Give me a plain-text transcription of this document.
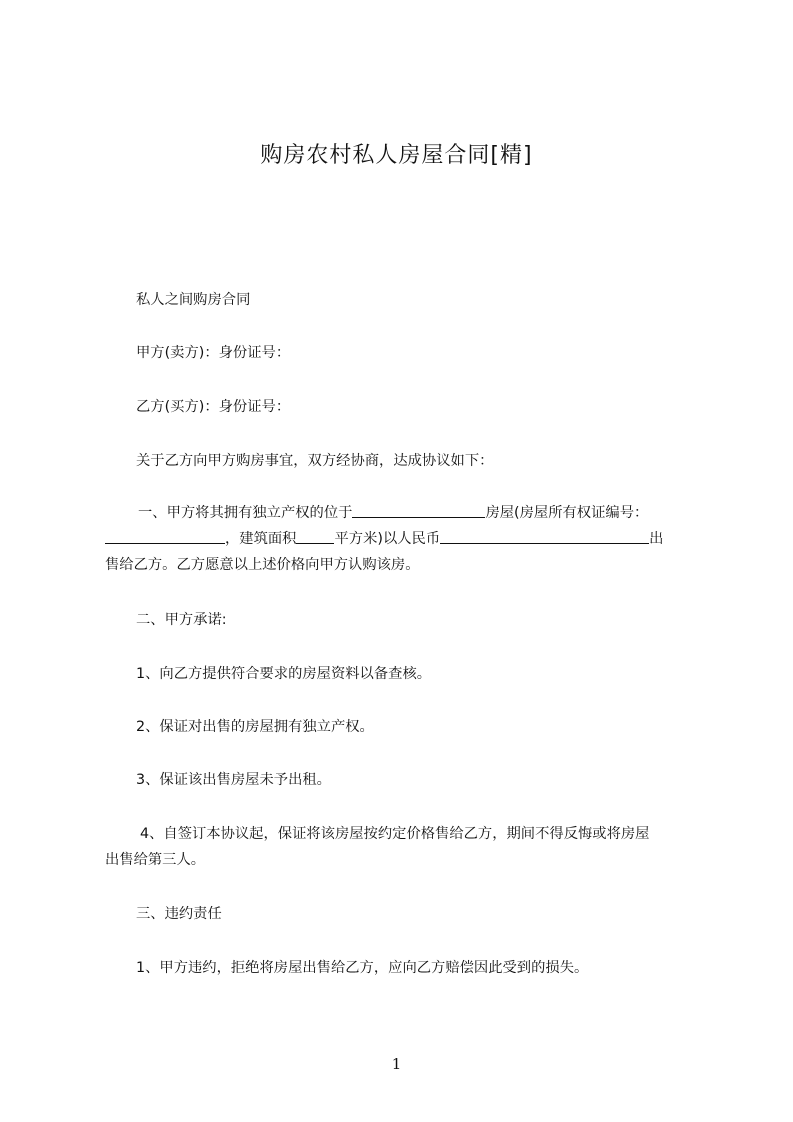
购房农村私人房屋合同[精]
私人之间购房合同
甲方(卖方)：身份证号：
乙方(买方)：身份证号：
关于乙方向甲方购房事宜，双方经协商，达成协议如下：
一、甲方将其拥有独立产权的位于	房屋(房屋所有权证编号：
，建筑面积	平方米)以人民币	出
售给乙方。乙方愿意以上述价格向甲方认购该房。
二、甲方承诺:
1、向乙方提供符合要求的房屋资料以备查核。
2、保证对出售的房屋拥有独立产权。
3、保证该出售房屋未予出租。
4、自签订本协议起，保证将该房屋按约定价格售给乙方，期间不得反悔或将房屋
出售给第三人。
三、违约责任
1、甲方违约，拒绝将房屋出售给乙方，应向乙方赔偿因此受到的损失。
1
